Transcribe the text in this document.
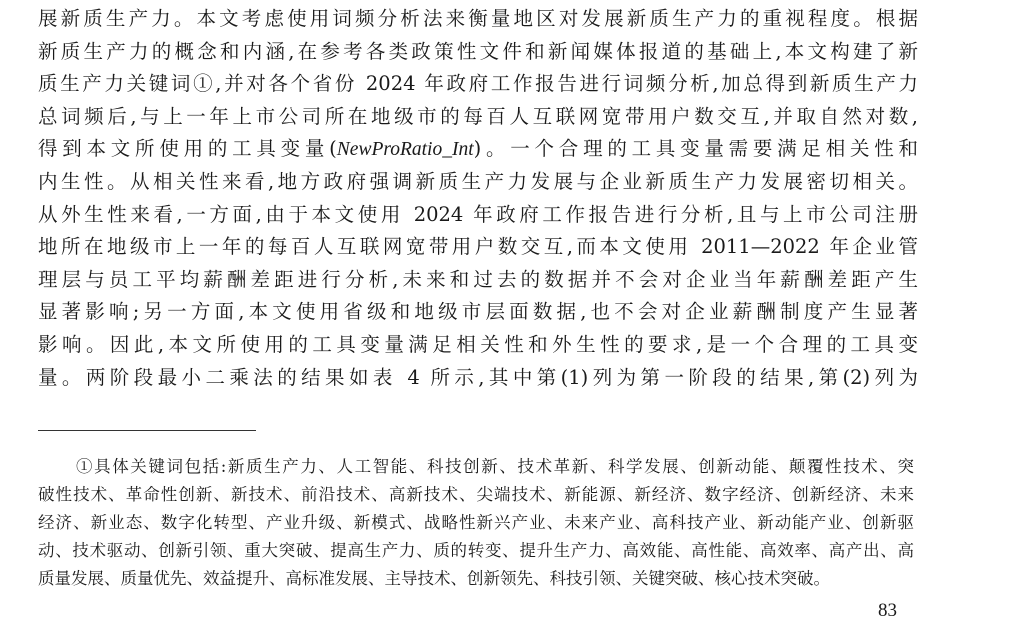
展新质生产力。本文考虑使用词频分析法来衡量地区对发展新质生产力的重视程度。根据
新质生产力的概念和内涵,在参考各类政策性文件和新闻媒体报道的基础上,本文构建了新
质生产力关键词①,并对各个省份 2024 年政府工作报告进行词频分析,加总得到新质生产力
总词频后,与上一年上市公司所在地级市的每百人互联网宽带用户数交互,并取自然对数,
得到本文所使用的工具变量(NewProRatio_Int)。一个合理的工具变量需要满足相关性和
内生性。从相关性来看,地方政府强调新质生产力发展与企业新质生产力发展密切相关。
从外生性来看,一方面,由于本文使用 2024 年政府工作报告进行分析,且与上市公司注册
地所在地级市上一年的每百人互联网宽带用户数交互,而本文使用 2011—2022 年企业管
理层与员工平均薪酬差距进行分析,未来和过去的数据并不会对企业当年薪酬差距产生
显著影响;另一方面,本文使用省级和地级市层面数据,也不会对企业薪酬制度产生显著
影响。因此,本文所使用的工具变量满足相关性和外生性的要求,是一个合理的工具变
量。两阶段最小二乘法的结果如表 4 所示,其中第(1)列为第一阶段的结果,第(2)列为
①具体关键词包括:新质生产力、人工智能、科技创新、技术革新、科学发展、创新动能、颠覆性技术、突
破性技术、革命性创新、新技术、前沿技术、高新技术、尖端技术、新能源、新经济、数字经济、创新经济、未来
经济、新业态、数字化转型、产业升级、新模式、战略性新兴产业、未来产业、高科技产业、新动能产业、创新驱
动、技术驱动、创新引领、重大突破、提高生产力、质的转变、提升生产力、高效能、高性能、高效率、高产出、高
质量发展、质量优先、效益提升、高标准发展、主导技术、创新领先、科技引领、关键突破、核心技术突破。
83
